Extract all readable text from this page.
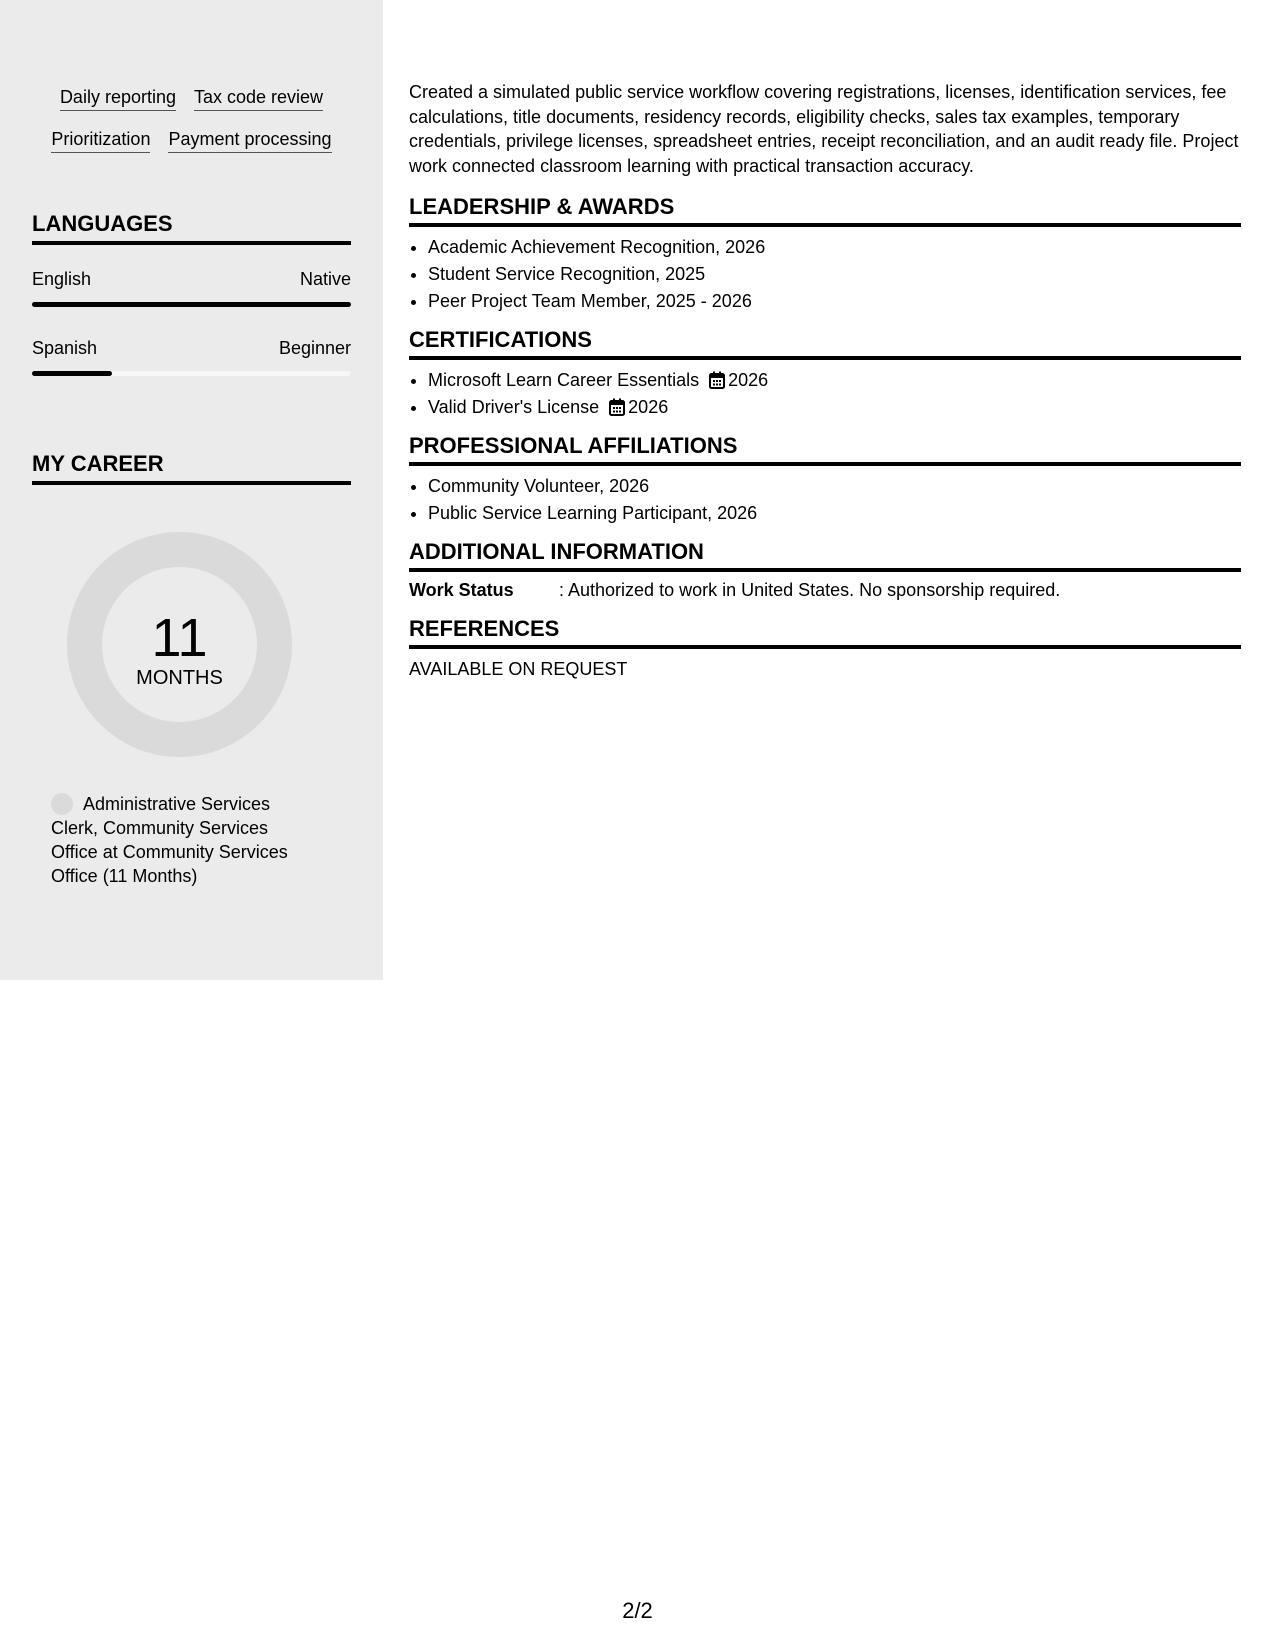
Daily reporting Tax code review
Prioritization Payment processing
LANGUAGES
English	Native
Spanish	Beginner
MY CAREER
11
MONTHS
Administrative Services Clerk, Community Services Office at Community Services Office (11 Months)

Created a simulated public service workflow covering registrations, licenses, identification services, fee calculations, title documents, residency records, eligibility checks, sales tax examples, temporary credentials, privilege licenses, spreadsheet entries, receipt reconciliation, and an audit ready file. Project work connected classroom learning with practical transaction accuracy.

LEADERSHIP & AWARDS
• Academic Achievement Recognition, 2026
• Student Service Recognition, 2025
• Peer Project Team Member, 2025 - 2026
CERTIFICATIONS
• Microsoft Learn Career Essentials 2026
• Valid Driver's License 2026
PROFESSIONAL AFFILIATIONS
• Community Volunteer, 2026
• Public Service Learning Participant, 2026
ADDITIONAL INFORMATION
Work Status	: Authorized to work in United States. No sponsorship required.
REFERENCES
AVAILABLE ON REQUEST
2/2
